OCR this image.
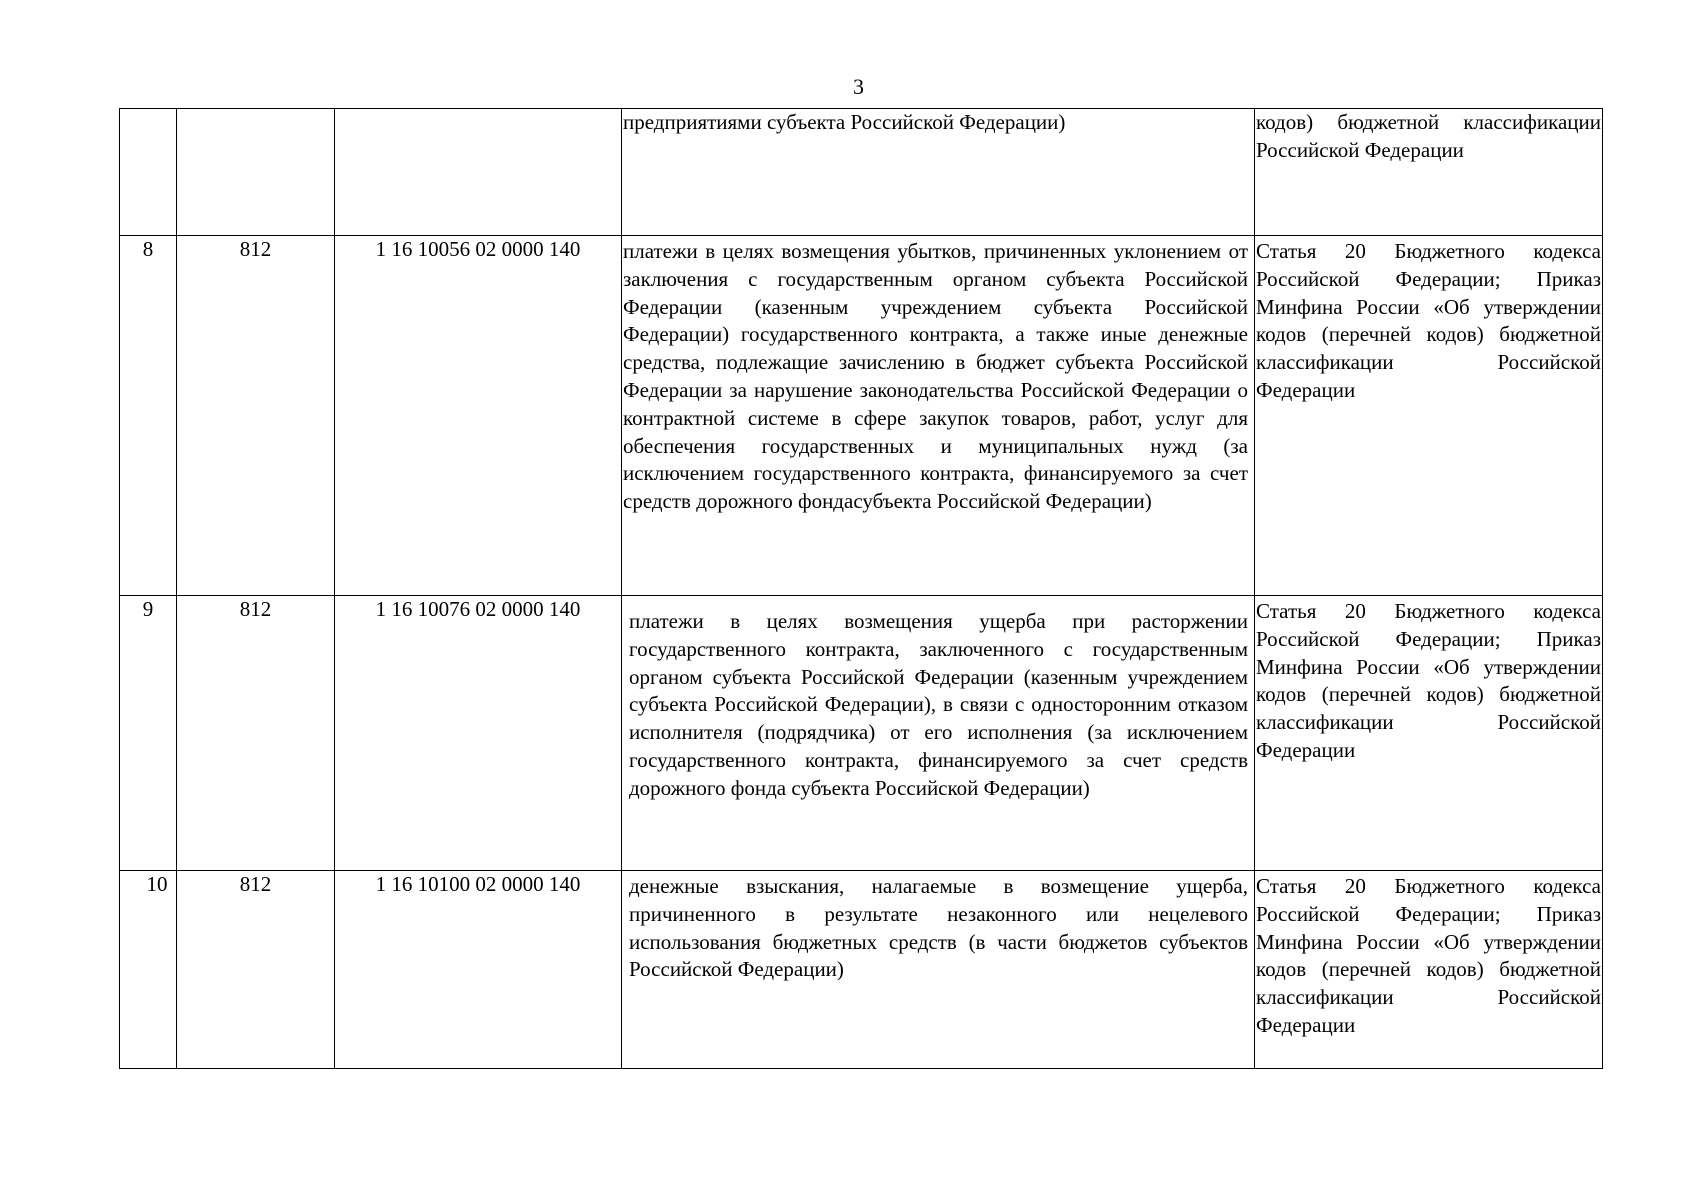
3

			предприятиями субъекта Российской Федерации)	кодов) бюджетной классификации Российской Федерации

8	812	1 16 10056 02 0000 140	платежи в целях возмещения убытков, причиненных уклонением от заключения с государственным органом субъекта Российской Федерации (казенным учреждением субъекта Российской Федерации) государственного контракта, а также иные денежные средства, подлежащие зачислению в бюджет субъекта Российской Федерации за нарушение законодательства Российской Федерации о контрактной системе в сфере закупок товаров, работ, услуг для обеспечения государственных и муниципальных нужд (за исключением государственного контракта, финансируемого за счет средств дорожного фондасубъекта Российской Федерации)	Статья 20 Бюджетного кодекса Российской Федерации; Приказ Минфина России «Об утверждении кодов (перечней кодов) бюджетной классификации Российской Федерации

9	812	1 16 10076 02 0000 140	платежи в целях возмещения ущерба при расторжении государственного контракта, заключенного с государственным органом субъекта Российской Федерации (казенным учреждением субъекта Российской Федерации), в связи с односторонним отказом исполнителя (подрядчика) от его исполнения (за исключением государственного контракта, финансируемого за счет средств дорожного фонда субъекта Российской Федерации)	Статья 20 Бюджетного кодекса Российской Федерации; Приказ Минфина России «Об утверждении кодов (перечней кодов) бюджетной классификации Российской Федерации

10	812	1 16 10100 02 0000 140	денежные взыскания, налагаемые в возмещение ущерба, причиненного в результате незаконного или нецелевого использования бюджетных средств (в части бюджетов субъектов Российской Федерации)	Статья 20 Бюджетного кодекса Российской Федерации; Приказ Минфина России «Об утверждении кодов (перечней кодов) бюджетной классификации Российской Федерации
